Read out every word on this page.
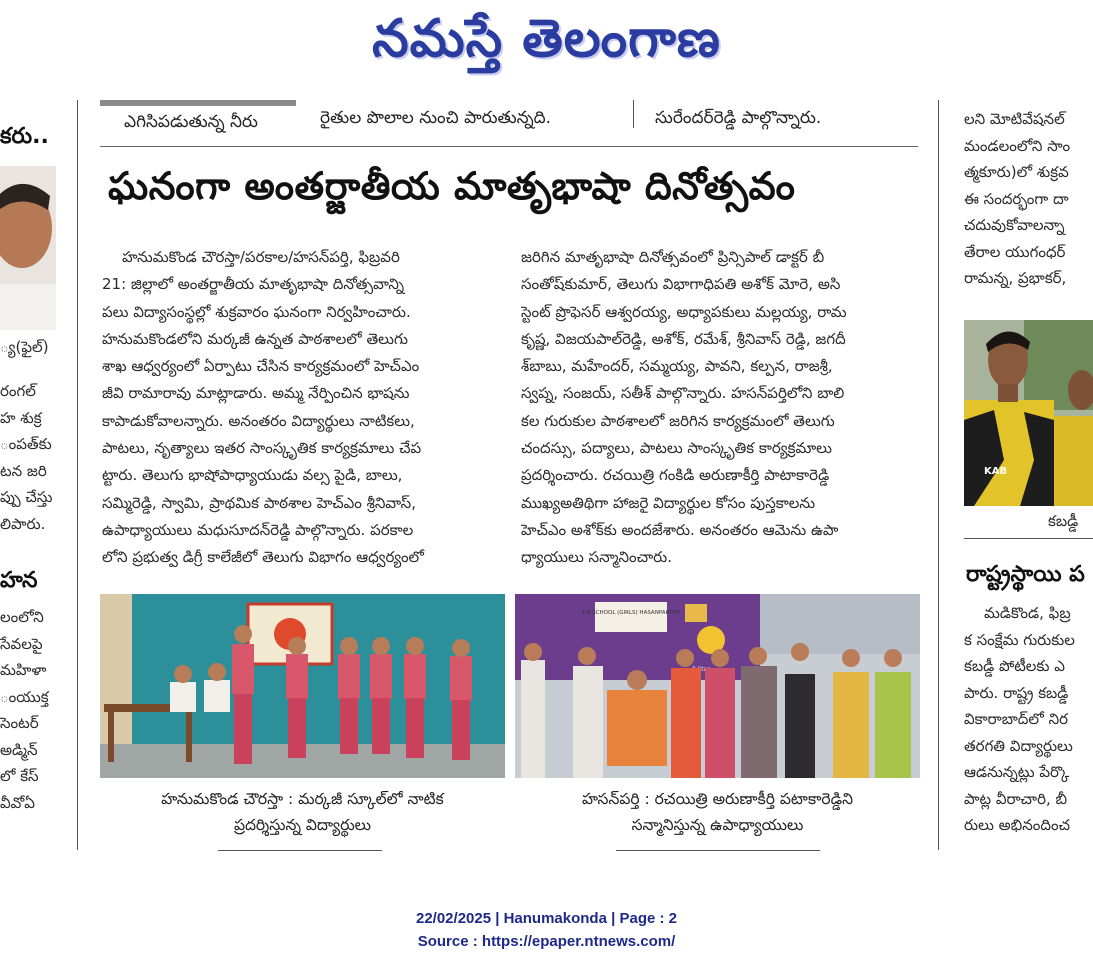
నమస్తే తెలంగాణ
ఎగిసిపడుతున్న నీరు	రైతుల పొలాల నుంచి పారుతున్నది.	సురేందర్‌రెడ్డి పాల్గొన్నారు.
కరు..
్య(ఫైల్)
రంగల్
హ శుక్ర
ంపత్‌కు
టన జరి
ప్పు చేస్తు
లిపారు.
హన
లంలోని
సేవలపై
మహిళా
ంయుక్త
సెంటర్
అడ్మిన్
లో కేస్
వీవోఏ
ఘనంగా అంతర్జాతీయ మాతృభాషా దినోత్సవం
హనుమకొండ చౌరస్తా/పరకాల/హసన్‌పర్తి, ఫిబ్రవరి
21: జిల్లాలో అంతర్జాతీయ మాతృభాషా దినోత్సవాన్ని
పలు విద్యాసంస్థల్లో శుక్రవారం ఘనంగా నిర్వహించారు.
హనుమకొండలోని మర్కజీ ఉన్నత పాఠశాలలో తెలుగు
శాఖ ఆధ్వర్యంలో ఏర్పాటు చేసిన కార్యక్రమంలో హెచ్‌ఎం
జీవి రామారావు మాట్లాడారు. అమ్మ నేర్పించిన భాషను
కాపాడుకోవాలన్నారు. అనంతరం విద్యార్థులు నాటికలు,
పాటలు, నృత్యాలు ఇతర సాంస్కృతిక కార్యక్రమాలు చేప
ట్టారు. తెలుగు భాషోపాధ్యాయుడు వల్స పైడి, బాలు,
సమ్మిరెడ్డి, స్వామి, ప్రాథమిక పాఠశాల హెచ్‌ఎం శ్రీనివాస్,
ఉపాధ్యాయులు మధుసూదన్‌రెడ్డి పాల్గొన్నారు. పరకాల
లోని ప్రభుత్వ డిగ్రీ కాలేజీలో తెలుగు విభాగం ఆధ్వర్యంలో
జరిగిన మాతృభాషా దినోత్సవంలో ప్రిన్సిపాల్ డాక్టర్ బీ
సంతోష్‌కుమార్, తెలుగు విభాగాధిపతి అశోక్ మోరె, అసి
స్టెంట్ ప్రొఫెసర్ ఆశ్వరయ్య, అధ్యాపకులు మల్లయ్య, రామ
కృష్ణ, విజయపాల్‌రెడ్డి, అశోక్, రమేశ్, శ్రీనివాస్ రెడ్డి, జగదీ
శ్‌బాబు, మహేందర్, సమ్మయ్య, పావని, కల్పన, రాజశ్రీ,
స్వప్న, సంజయ్, సతీశ్ పాల్గొన్నారు. హసన్‌పర్తిలోని బాలి
కల గురుకుల పాఠశాలలో జరిగిన కార్యక్రమంలో తెలుగు
చందస్సు, పద్యాలు, పాటలు సాంస్కృతిక కార్యక్రమాలు
ప్రదర్శించారు. రచయిత్రి గంకిడి అరుణాకీర్తి పాటాకారెడ్డి
ముఖ్యఅతిథిగా హాజరై విద్యార్థుల కోసం పుస్తకాలను
హెచ్‌ఎం అశోక్‌కు అందజేశారు. అనంతరం ఆమెను ఉపా
ధ్యాయులు సన్మానించారు.
T.R SCHOOL (GIRLS) HASANPARTHY
Star
హనుమకొండ చౌరస్తా : మర్కజీ స్కూల్‌లో నాటిక
ప్రదర్శిస్తున్న విద్యార్థులు
హసన్‌పర్తి : రచయిత్రి అరుణాకీర్తి పటాకారెడ్డిని
సన్మానిస్తున్న ఉపాధ్యాయులు
లని మోటివేషనల్
మండలంలోని సాం
త్మకూరు)లో శుక్రవ
ఈ సందర్భంగా దా
చదువుకోవాలన్నా
తేరాల యుగంధర్
రామన్న, ప్రభాకర్,
KAB
కబడ్డీ
రాష్ట్రస్థాయి ప
మడికొండ, ఫిబ్ర
క సంక్షేమ గురుకుల
కబడ్డీ పోటీలకు ఎ
పారు. రాష్ట్ర కబడ్డీ
వికారాబాద్‌లో నిర
తరగతి విద్యార్థులు
ఆడనున్నట్లు పేర్కొ
పాట్ల వీరాచారి, బీ
రులు అభినందించ
22/02/2025 | Hanumakonda | Page : 2
Source : https://epaper.ntnews.com/
